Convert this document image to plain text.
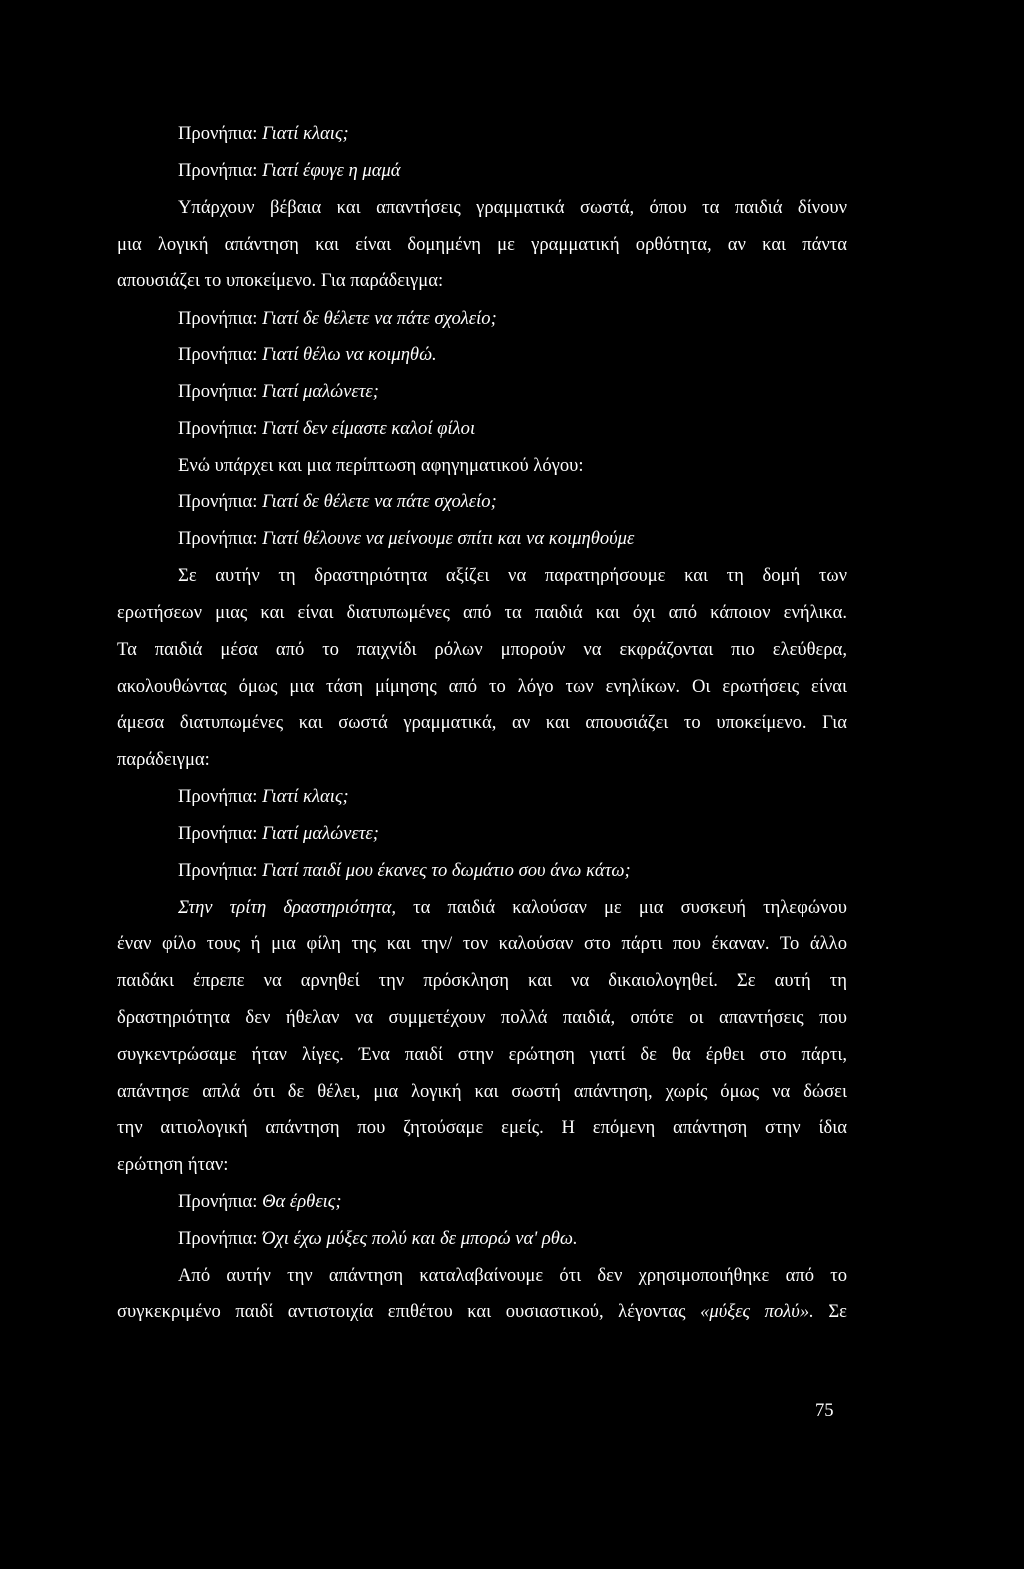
Προνήπια: Γιατί κλαις;
Προνήπια: Γιατί έφυγε η μαμά
Υπάρχουν βέβαια και απαντήσεις γραμματικά σωστά, όπου τα παιδιά δίνουν
μια λογική απάντηση και είναι δομημένη με γραμματική ορθότητα, αν και πάντα
απουσιάζει το υποκείμενο. Για παράδειγμα:
Προνήπια: Γιατί δε θέλετε να πάτε σχολείο;
Προνήπια: Γιατί θέλω να κοιμηθώ.
Προνήπια: Γιατί μαλώνετε;
Προνήπια: Γιατί δεν είμαστε καλοί φίλοι
Ενώ υπάρχει και μια περίπτωση αφηγηματικού λόγου:
Προνήπια: Γιατί δε θέλετε να πάτε σχολείο;
Προνήπια: Γιατί θέλουνε να μείνουμε σπίτι και να κοιμηθούμε
Σε αυτήν τη δραστηριότητα αξίζει να παρατηρήσουμε και τη δομή των
ερωτήσεων μιας και είναι διατυπωμένες από τα παιδιά και όχι από κάποιον ενήλικα.
Τα παιδιά μέσα από το παιχνίδι ρόλων μπορούν να εκφράζονται πιο ελεύθερα,
ακολουθώντας όμως μια τάση μίμησης από το λόγο των ενηλίκων. Οι ερωτήσεις είναι
άμεσα διατυπωμένες και σωστά γραμματικά, αν και απουσιάζει το υποκείμενο. Για
παράδειγμα:
Προνήπια: Γιατί κλαις;
Προνήπια: Γιατί μαλώνετε;
Προνήπια: Γιατί παιδί μου έκανες το δωμάτιο σου άνω κάτω;
Στην τρίτη δραστηριότητα, τα παιδιά καλούσαν με μια συσκευή τηλεφώνου
έναν φίλο τους ή μια φίλη της και την/ τον καλούσαν στο πάρτι που έκαναν. Το άλλο
παιδάκι έπρεπε να αρνηθεί την πρόσκληση και να δικαιολογηθεί. Σε αυτή τη
δραστηριότητα δεν ήθελαν να συμμετέχουν πολλά παιδιά, οπότε οι απαντήσεις που
συγκεντρώσαμε ήταν λίγες. Ένα παιδί στην ερώτηση γιατί δε θα έρθει στο πάρτι,
απάντησε απλά ότι δε θέλει, μια λογική και σωστή απάντηση, χωρίς όμως να δώσει
την αιτιολογική απάντηση που ζητούσαμε εμείς. Η επόμενη απάντηση στην ίδια
ερώτηση ήταν:
Προνήπια: Θα έρθεις;
Προνήπια: Όχι έχω μύξες πολύ και δε μπορώ να' ρθω.
Από αυτήν την απάντηση καταλαβαίνουμε ότι δεν χρησιμοποιήθηκε από το
συγκεκριμένο παιδί αντιστοιχία επιθέτου και ουσιαστικού, λέγοντας «μύξες πολύ». Σε
75
